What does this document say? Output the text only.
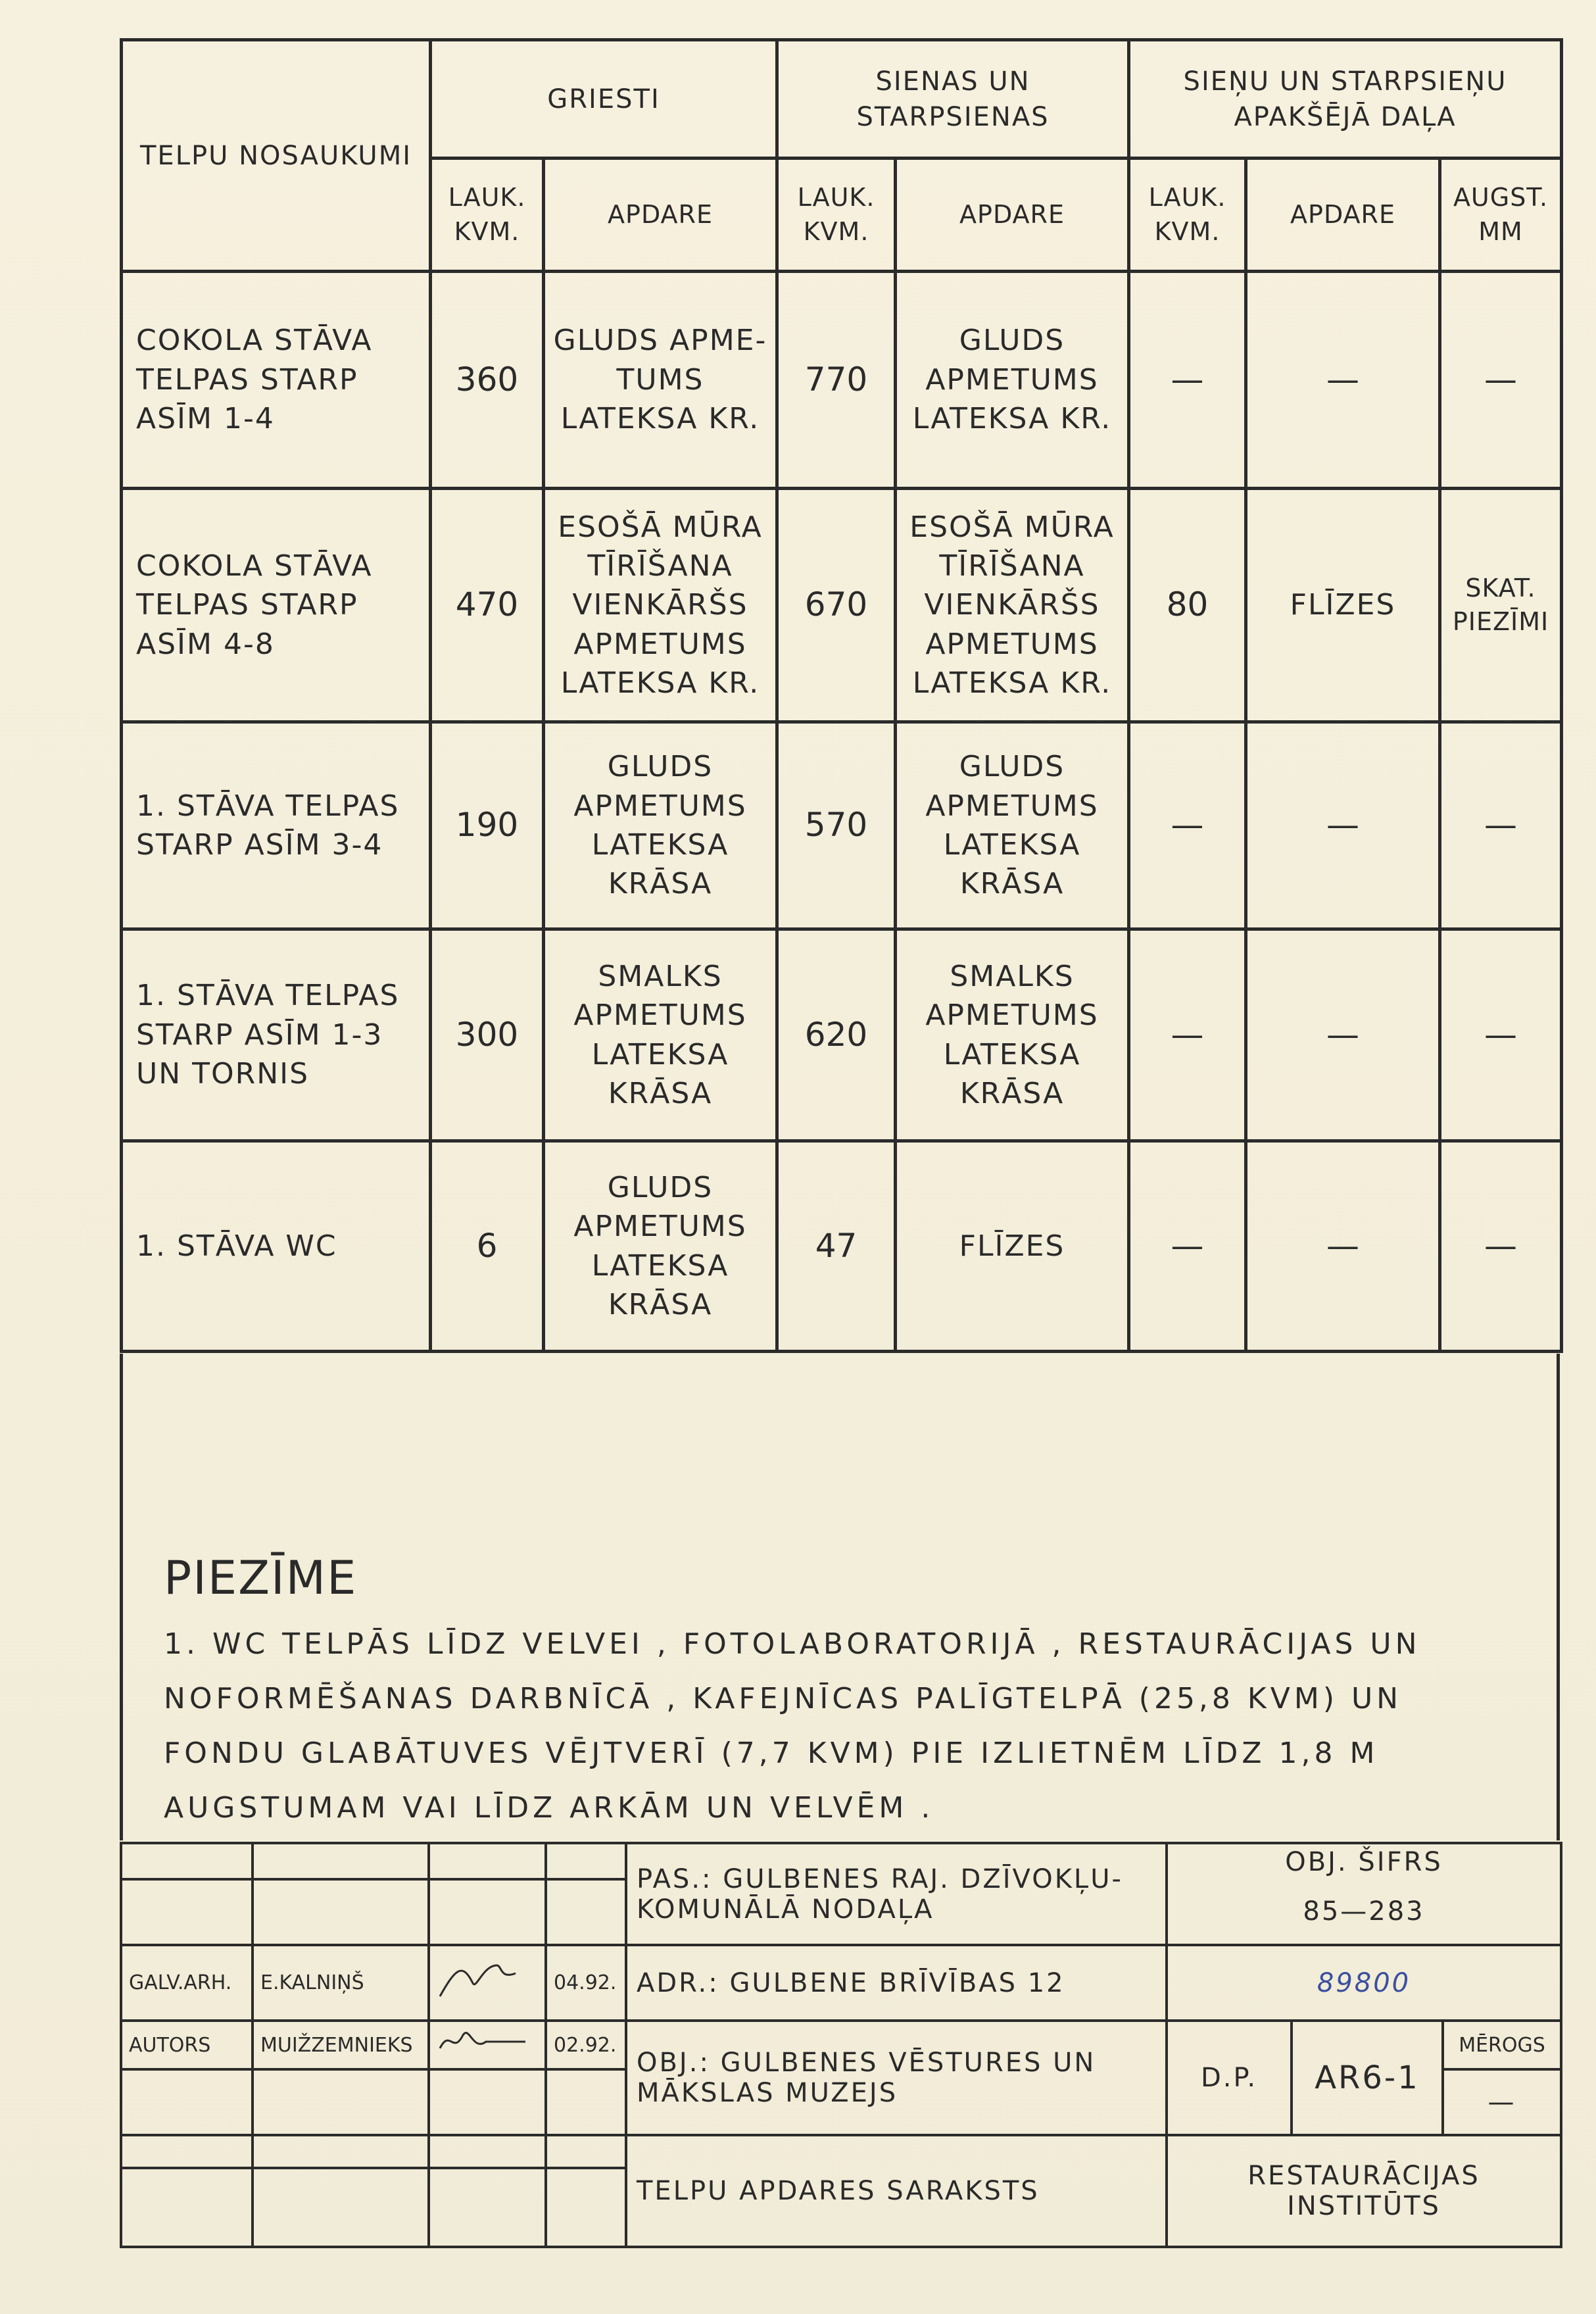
TELPU NOSAUKUMI	GRIESTI		SIENAS UN STARPSIENAS		SIEŅU UN STARPSIEŅU APAKŠĒJĀ DAĻA		
	LAUK. KVM.	APDARE	LAUK. KVM.	APDARE	LAUK. KVM.	APDARE	AUGST. MM
COKOLA STĀVA TELPAS STARP ASĪM 1-4	360	GLUDS APME-TUMS LATEKSA KR.	770	GLUDS APMETUMS LATEKSA KR.	—	—	—
COKOLA STĀVA TELPAS STARP ASĪM 4-8	470	ESOŠĀ MŪRA TĪRĪŠANA VIENKĀRŠS APMETUMS LATEKSA KR.	670	ESOŠĀ MŪRA TĪRĪŠANA VIENKĀRŠS APMETUMS LATEKSA KR.	80	FLĪZES	SKAT. PIEZĪMI
1. STĀVA TELPAS STARP ASĪM 3-4	190	GLUDS APMETUMS LATEKSA KRĀSA	570	GLUDS APMETUMS LATEKSA KRĀSA	—	—	—
1. STĀVA TELPAS STARP ASĪM 1-3 UN TORNIS	300	SMALKS APMETUMS LATEKSA KRĀSA	620	SMALKS APMETUMS LATEKSA KRĀSA	—	—	—
1. STĀVA WC	6	GLUDS APMETUMS LATEKSA KRĀSA	47	FLĪZES	—	—	—
PIEZĪME
1. WC TELPĀS LĪDZ VELVEI , FOTOLABORATORIJĀ , RESTAURĀCIJAS UN NOFORMĒŠANAS DARBNĪCĀ , KAFEJNĪCAS PALĪGTELPĀ (25,8 KVM) UN FONDU GLABĀTUVES VĒJTVERĪ (7,7 KVM) PIE IZLIETNĒM LĪDZ 1,8 M AUGSTUMAM VAI LĪDZ ARKĀM UN VELVĒM .
				PAS.: GULBENES RAJ. DZĪVOKĻU- KOMUNĀLĀ NODAĻA	OBJ. ŠIFRS		
					85—283		
GALV.ARH.	E.KALNIŅŠ		04.92.	ADR.: GULBENE BRĪVĪBAS 12	89800		
AUTORS	MUIŽZEMNIEKS		02.92.	OBJ.: GULBENES VĒSTURES UN MĀKSLAS MUZEJS	D.P.	AR6-1	MĒROGS
							—
				TELPU APDARES SARAKSTS	RESTAURĀCIJAS INSTITŪTS		
